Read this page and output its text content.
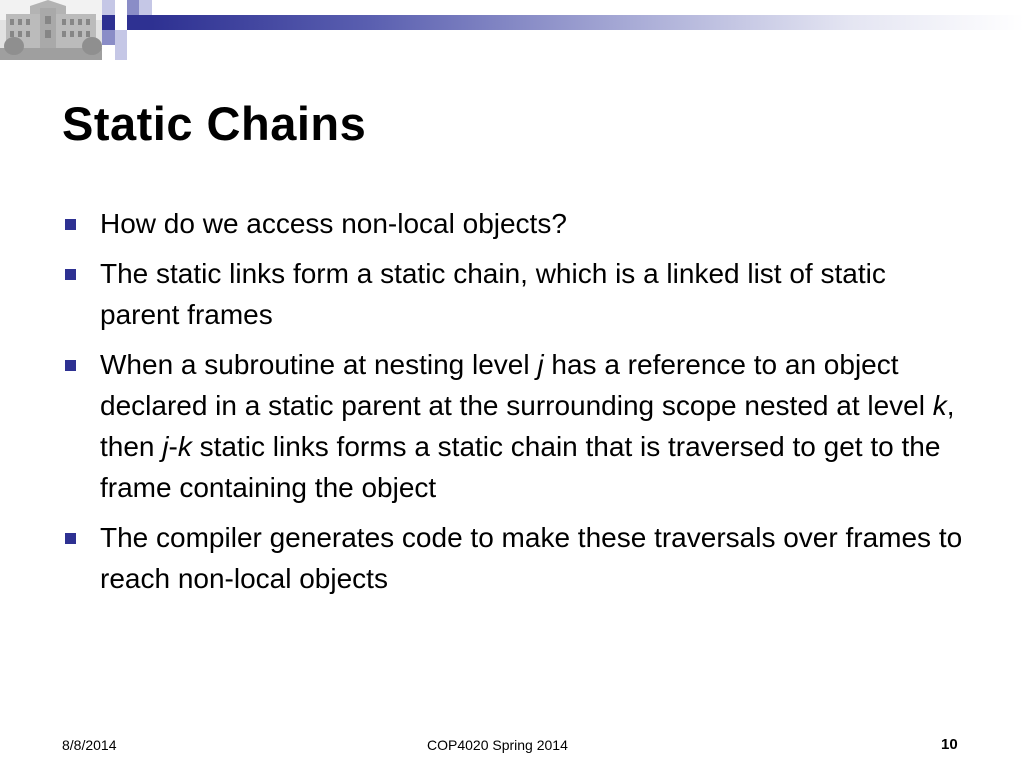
Static Chains
How do we access non-local objects?
The static links form a static chain, which is a linked list of static parent frames
When a subroutine at nesting level j has a reference to an object declared in a static parent at the surrounding scope nested at level k, then j-k static links forms a static chain that is traversed to get to the frame containing the object
The compiler generates code to make these traversals over frames to reach non-local objects
8/8/2014	COP4020 Spring 2014	10
